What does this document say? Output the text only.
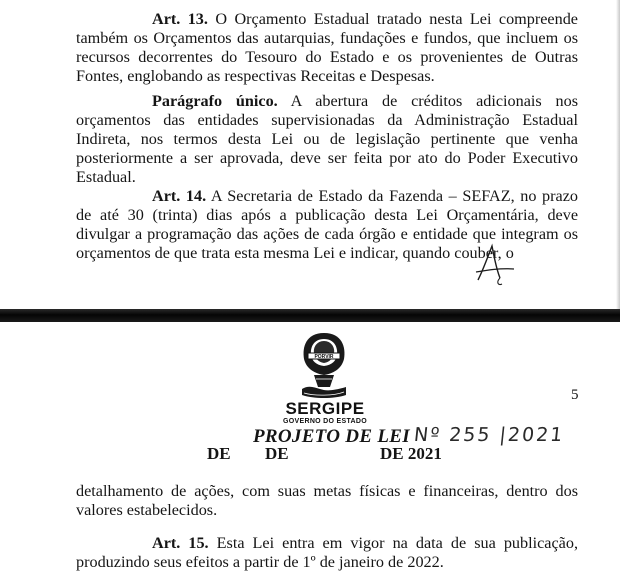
Art. 13. O Orçamento Estadual tratado nesta Lei compreende também os Orçamentos das autarquias, fundações e fundos, que incluem os recursos decorrentes do Tesouro do Estado e os provenientes de Outras Fontes, englobando as respectivas Receitas e Despesas.

Parágrafo único. A abertura de créditos adicionais nos orçamentos das entidades supervisionadas da Administração Estadual Indireta, nos termos desta Lei ou de legislação pertinente que venha posteriormente a ser aprovada, deve ser feita por ato do Poder Executivo Estadual.

Art. 14. A Secretaria de Estado da Fazenda – SEFAZ, no prazo de até 30 (trinta) dias após a publicação desta Lei Orçamentária, deve divulgar a programação das ações de cada órgão e entidade que integram os orçamentos de que trata esta mesma Lei e indicar, quando couber, o

PORVIR
5
SERGIPE
GOVERNO DO ESTADO
PROJETO DE LEI Nº 255 |2021
DE DE	DE 2021

detalhamento de ações, com suas metas físicas e financeiras, dentro dos valores estabelecidos.

Art. 15. Esta Lei entra em vigor na data de sua publicação, produzindo seus efeitos a partir de 1º de janeiro de 2022.
